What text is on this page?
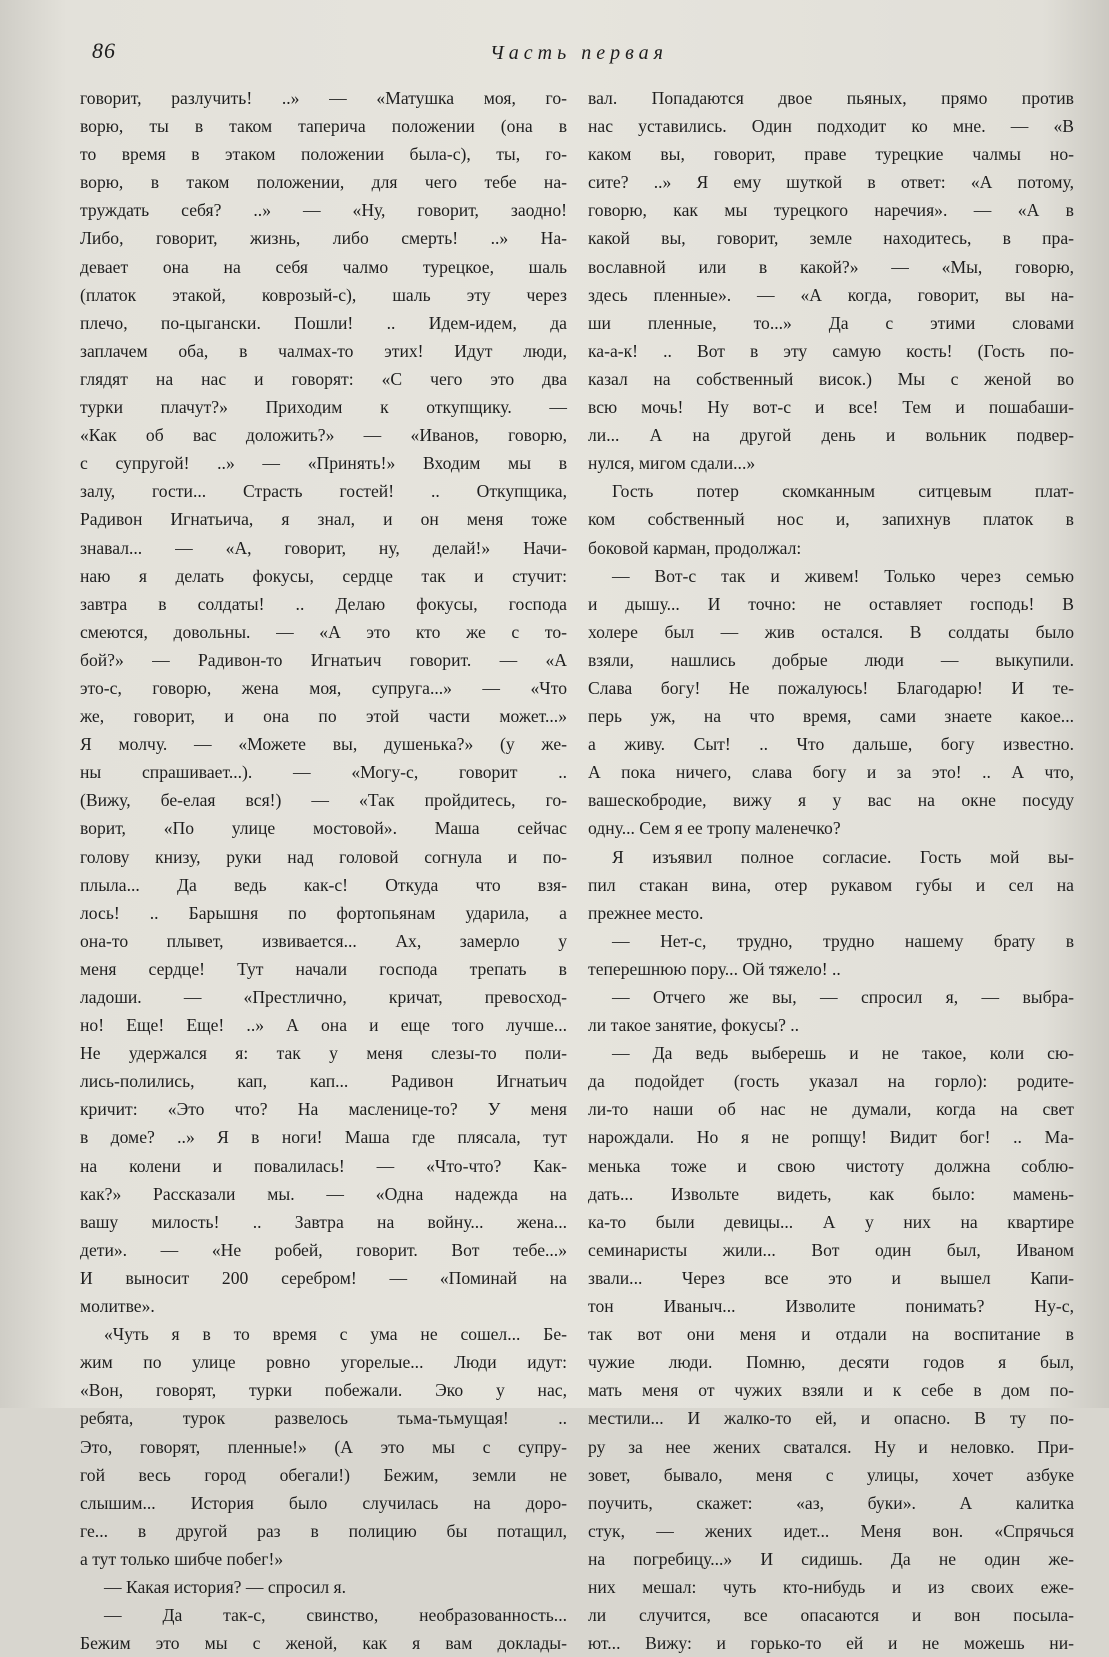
86	Часть первая

говорит, разлучить! ..» — «Матушка моя, го-

ворю, ты в таком таперича положении (она в

то время в этаком положении была-с), ты, го-

ворю, в таком положении, для чего тебе на-

труждать себя? ..» — «Ну, говорит, заодно!

Либо, говорит, жизнь, либо смерть! ..» На-

девает она на себя чалмо турецкое, шаль

(платок этакой, коврозый-с), шаль эту через

плечо, по-цыгански. Пошли! .. Идем-идем, да

заплачем оба, в чалмах-то этих! Идут люди,

глядят на нас и говорят: «С чего это два

турки плачут?» Приходим к откупщику. —

«Как об вас доложить?» — «Иванов, говорю,

с супругой! ..» — «Принять!» Входим мы в

залу, гости... Страсть гостей! .. Откупщика,

Радивон Игнатьича, я знал, и он меня тоже

знавал... — «А, говорит, ну, делай!» Начи-

наю я делать фокусы, сердце так и стучит:

завтра в солдаты! .. Делаю фокусы, господа

смеются, довольны. — «А это кто же с то-

бой?» — Радивон-то Игнатьич говорит. — «А

это-с, говорю, жена моя, супруга...» — «Что

же, говорит, и она по этой части может...»

Я молчу. — «Можете вы, душенька?» (у же-

ны спрашивает...). — «Могу-с, говорит ..

(Вижу, бе-елая вся!) — «Так пройдитесь, го-

ворит, «По улице мостовой». Маша сейчас

голову книзу, руки над головой согнула и по-

плыла... Да ведь как-с! Откуда что взя-

лось! .. Барышня по фортопьянам ударила, а

она-то плывет, извивается... Ах, замерло у

меня сердце! Тут начали господа трепать в

ладоши. — «Престлично, кричат, превосход-

но! Еще! Еще! ..» А она и еще того лучше...

Не удержался я: так у меня слезы-то поли-

лись-полились, кап, кап... Радивон Игнатьич

кричит: «Это что? На масленице-то? У меня

в доме? ..» Я в ноги! Маша где плясала, тут

на колени и повалилась! — «Что-что? Как-

как?» Рассказали мы. — «Одна надежда на

вашу милость! .. Завтра на войну... жена...

дети». — «Не робей, говорит. Вот тебе...»

И выносит 200 серебром! — «Поминай на

молитве».

«Чуть я в то время с ума не сошел... Бе-

жим по улице ровно угорелые... Люди идут:

«Вон, говорят, турки побежали. Эко у нас,

ребята, турок развелось тьма-тьмущая! ..

Это, говорят, пленные!» (А это мы с супру-

гой весь город обегали!) Бежим, земли не

слышим... История было случилась на доро-

ге... в другой раз в полицию бы потащил,

а тут только шибче побег!»

— Какая история? — спросил я.

— Да так-с, свинство, необразованность...

Бежим это мы с женой, как я вам доклады-

вал. Попадаются двое пьяных, прямо против

нас уставились. Один подходит ко мне. — «В

каком вы, говорит, праве турецкие чалмы но-

сите? ..» Я ему шуткой в ответ: «А потому,

говорю, как мы турецкого наречия». — «А в

какой вы, говорит, земле находитесь, в пра-

вославной или в какой?» — «Мы, говорю,

здесь пленные». — «А когда, говорит, вы на-

ши пленные, то...» Да с этими словами

ка-а-к! .. Вот в эту самую кость! (Гость по-

казал на собственный висок.) Мы с женой во

всю мочь! Ну вот-с и все! Тем и пошабаши-

ли... А на другой день и вольник подвер-

нулся, мигом сдали...»

Гость потер скомканным ситцевым плат-

ком собственный нос и, запихнув платок в

боковой карман, продолжал:

— Вот-с так и живем! Только через семью

и дышу... И точно: не оставляет господь! В

холере был — жив остался. В солдаты было

взяли, нашлись добрые люди — выкупили.

Слава богу! Не пожалуюсь! Благодарю! И те-

перь уж, на что время, сами знаете какое...

а живу. Сыт! .. Что дальше, богу известно.

А пока ничего, слава богу и за это! .. А что,

вашескобродие, вижу я у вас на окне посуду

одну... Сем я ее тропу маленечко?

Я изъявил полное согласие. Гость мой вы-

пил стакан вина, отер рукавом губы и сел на

прежнее место.

— Нет-с, трудно, трудно нашему брату в

теперешнюю пору... Ой тяжело! ..

— Отчего же вы, — спросил я, — выбра-

ли такое занятие, фокусы? ..

— Да ведь выберешь и не такое, коли сю-

да подойдет (гость указал на горло): родите-

ли-то наши об нас не думали, когда на свет

нарождали. Но я не ропщу! Видит бог! .. Ма-

менька тоже и свою чистоту должна соблю-

дать... Извольте видеть, как было: мамень-

ка-то были девицы... А у них на квартире

семинаристы жили... Вот один был, Иваном

звали... Через все это и вышел Капи-

тон Иваныч... Изволите понимать? Ну-с,

так вот они меня и отдали на воспитание в

чужие люди. Помню, десяти годов я был,

мать меня от чужих взяли и к себе в дом по-

местили... И жалко-то ей, и опасно. В ту по-

ру за нее жених сватался. Ну и неловко. При-

зовет, бывало, меня с улицы, хочет азбуке

поучить, скажет: «аз, буки». А калитка

стук, — жених идет... Меня вон. «Спрячься

на погребицу...» И сидишь. Да не один же-

них мешал: чуть кто-нибудь и из своих еже-

ли случится, все опасаются и вон посыла-

ют... Вижу: и горько-то ей и не можешь ни-
